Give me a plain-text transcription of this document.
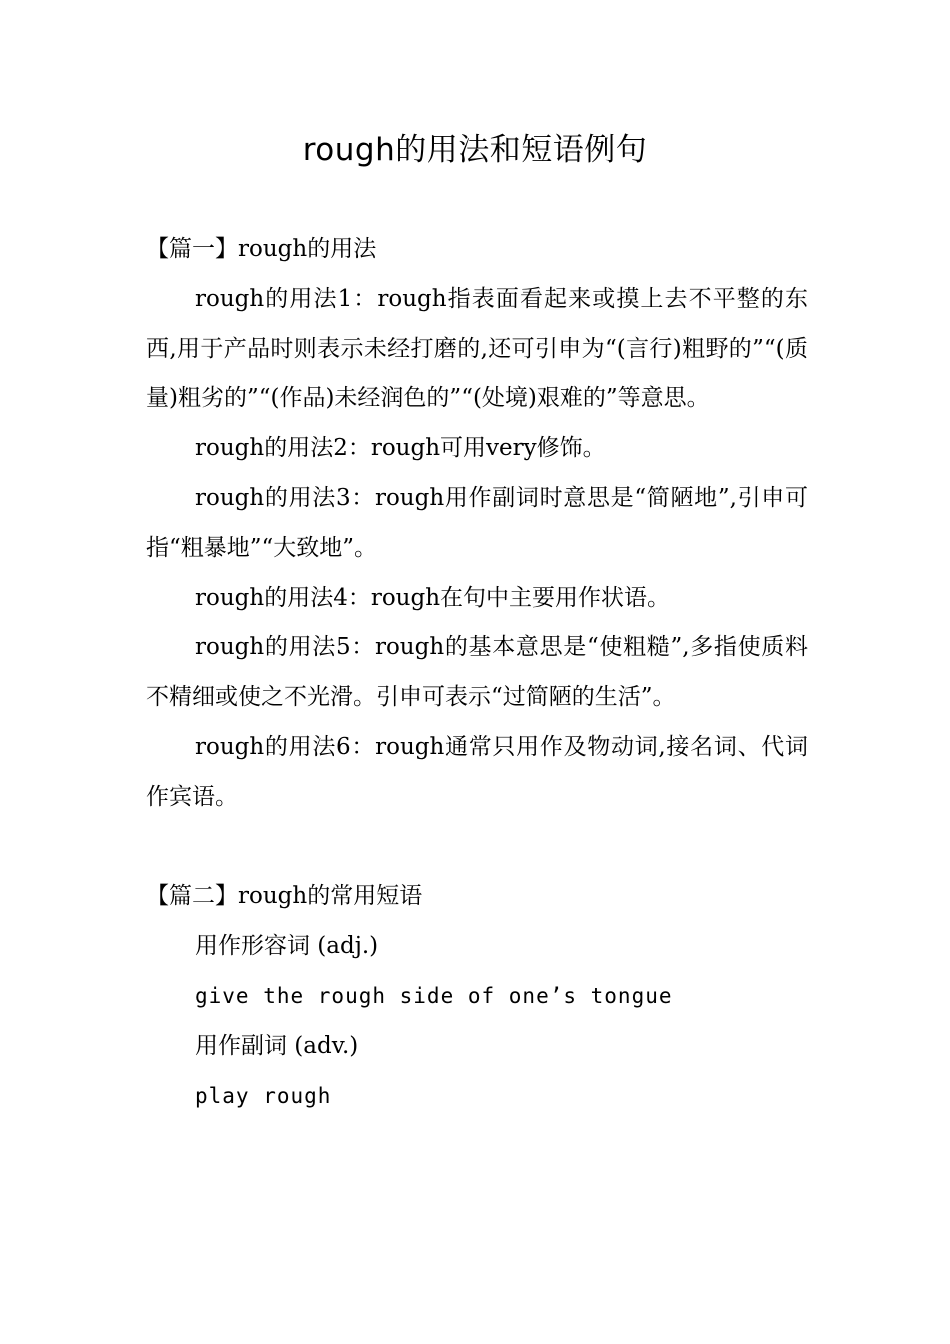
rough的用法和短语例句

【篇一】rough的用法

rough的用法1：rough指表面看起来或摸上去不平整的东西,用于产品时则表示未经打磨的,还可引申为“(言行)粗野的”“(质量)粗劣的”“(作品)未经润色的”“(处境)艰难的”等意思。

rough的用法2：rough可用very修饰。

rough的用法3：rough用作副词时意思是“简陋地”,引申可指“粗暴地”“大致地”。

rough的用法4：rough在句中主要用作状语。

rough的用法5：rough的基本意思是“使粗糙”,多指使质料不精细或使之不光滑。引申可表示“过简陋的生活”。

rough的用法6：rough通常只用作及物动词,接名词、代词作宾语。

【篇二】rough的常用短语

用作形容词 (adj.)

give the rough side of one’s tongue

用作副词 (adv.)

play rough
